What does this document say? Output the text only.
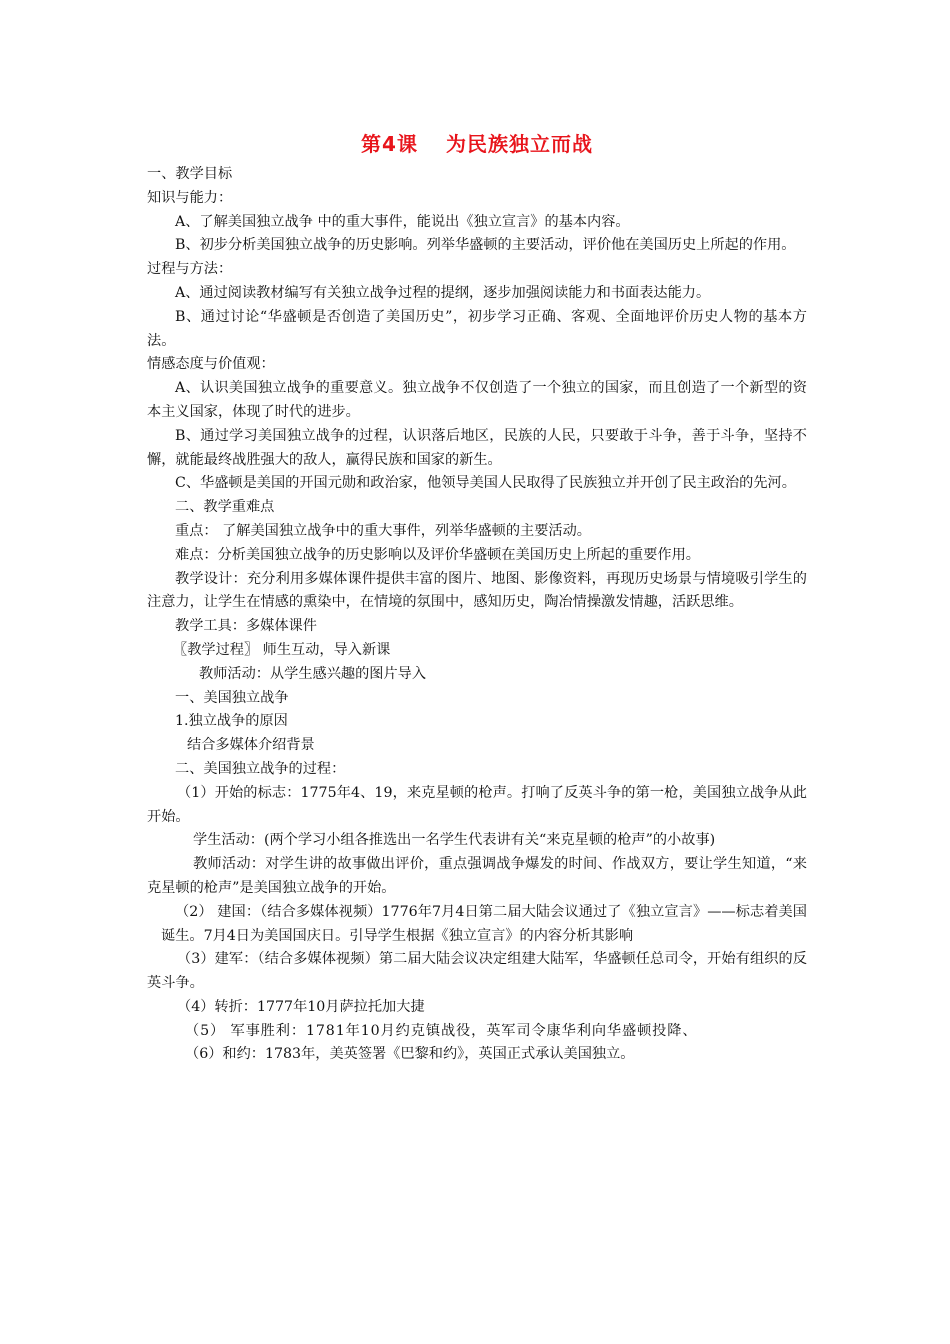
第4课 为民族独立而战
一、教学目标
知识与能力：
A、了解美国独立战争 中的重大事件，能说出《独立宣言》的基本内容。
B、初步分析美国独立战争的历史影响。列举华盛顿的主要活动，评价他在美国历史上所起的作用。
过程与方法：
A、通过阅读教材编写有关独立战争过程的提纲，逐步加强阅读能力和书面表达能力。
B、通过讨论“华盛顿是否创造了美国历史”，初步学习正确、客观、全面地评价历史人物的基本方法。
情感态度与价值观：
A、认识美国独立战争的重要意义。独立战争不仅创造了一个独立的国家，而且创造了一个新型的资本主义国家，体现了时代的进步。
B、通过学习美国独立战争的过程，认识落后地区，民族的人民，只要敢于斗争，善于斗争，坚持不懈，就能最终战胜强大的敌人，赢得民族和国家的新生。
C、华盛顿是美国的开国元勋和政治家，他领导美国人民取得了民族独立并开创了民主政治的先河。
二、教学重难点
重点： 了解美国独立战争中的重大事件，列举华盛顿的主要活动。
难点：分析美国独立战争的历史影响以及评价华盛顿在美国历史上所起的重要作用。
教学设计：充分利用多媒体课件提供丰富的图片、地图、影像资料，再现历史场景与情境吸引学生的注意力，让学生在情感的熏染中，在情境的氛围中，感知历史，陶冶情操激发情趣，活跃思维。
教学工具：多媒体课件
〖教学过程〗 师生互动，导入新课
教师活动：从学生感兴趣的图片导入
一、美国独立战争
1.独立战争的原因
结合多媒体介绍背景
二、美国独立战争的过程：
（1）开始的标志：1775年4、19，来克星顿的枪声。打响了反英斗争的第一枪，美国独立战争从此开始。
学生活动：(两个学习小组各推选出一名学生代表讲有关“来克星顿的枪声”的小故事)
教师活动：对学生讲的故事做出评价，重点强调战争爆发的时间、作战双方，要让学生知道，“来克星顿的枪声”是美国独立战争的开始。
（2） 建国：（结合多媒体视频）1776年7月4日第二届大陆会议通过了《独立宣言》——标志着美国诞生。7月4日为美国国庆日。引导学生根据《独立宣言》的内容分析其影响
（3）建军：（结合多媒体视频）第二届大陆会议决定组建大陆军，华盛顿任总司令，开始有组织的反英斗争。
（4）转折：1777年10月萨拉托加大捷
（5） 军事胜利：1781年10月约克镇战役，英军司令康华利向华盛顿投降、
（6）和约：1783年，美英签署《巴黎和约》，英国正式承认美国独立。
